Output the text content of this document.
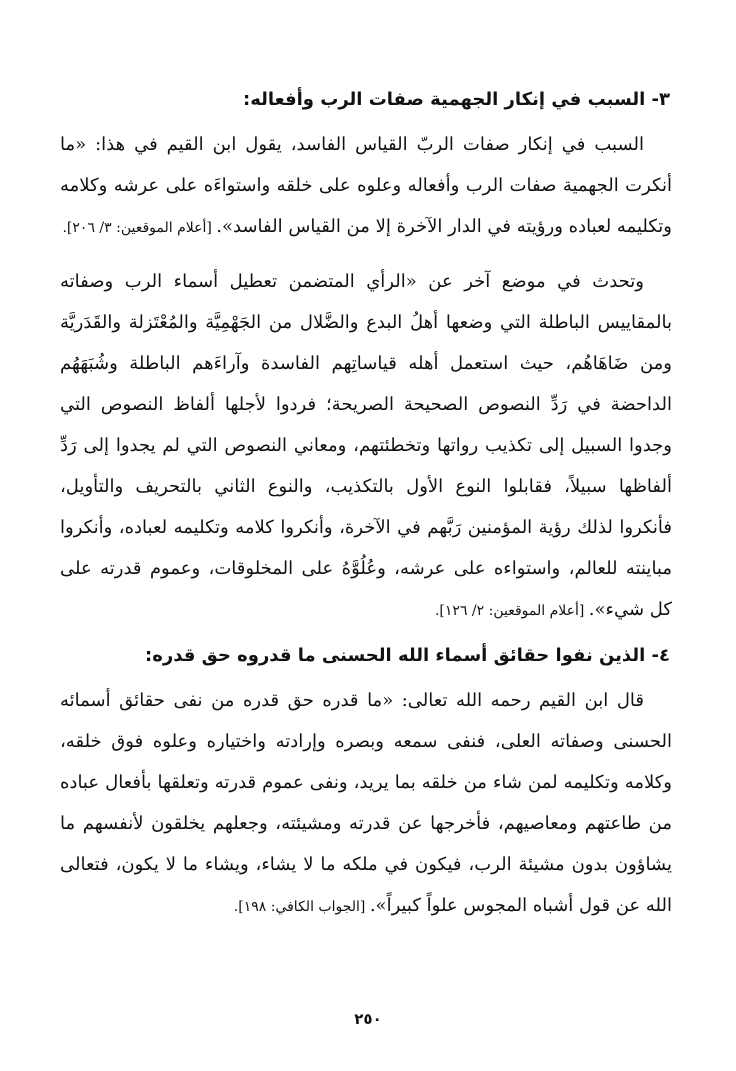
٣- السبب في إنكار الجهمية صفات الرب وأفعاله:

السبب في إنكار صفات الربّ القياس الفاسد، يقول ابن القيم في هذا: «ما أنكرت الجهمية صفات الرب وأفعاله وعلوه على خلقه واستواءَه على عرشه وكلامه وتكليمه لعباده ورؤيته في الدار الآخرة إلا من القياس الفاسد». [أعلام الموقعين: ٣/ ٢٠٦].

وتحدث في موضع آخر عن «الرأي المتضمن تعطيل أسماء الرب وصفاته بالمقاييس الباطلة التي وضعها أهلُ البدع والضَّلال من الجَهْمِيَّة والمُعْتَزلة والقَدَريَّة ومن ضَاهَاهُم، حيث استعمل أهله قياساتِهم الفاسدة وآراءَهم الباطلة وشُبَهَهُم الداحضة في رَدِّ النصوص الصحيحة الصريحة؛ فردوا لأجلها ألفاظ النصوص التي وجدوا السبيل إلى تكذيب رواتها وتخطئتهم، ومعاني النصوص التي لم يجدوا إلى رَدِّ ألفاظها سبيلاً، فقابلوا النوع الأول بالتكذيب، والنوع الثاني بالتحريف والتأويل، فأنكروا لذلك رؤية المؤمنين رَبَّهم في الآخرة، وأنكروا كلامه وتكليمه لعباده، وأنكروا مباينته للعالم، واستواءه على عرشه، وعُلُوَّهُ على المخلوقات، وعموم قدرته على كل شيء». [أعلام الموقعين: ٢/ ١٢٦].

٤- الذين نفوا حقائق أسماء الله الحسنى ما قدروه حق قدره:

قال ابن القيم رحمه الله تعالى: «ما قدره حق قدره من نفى حقائق أسمائه الحسنى وصفاته العلى، فنفى سمعه وبصره وإرادته واختياره وعلوه فوق خلقه، وكلامه وتكليمه لمن شاء من خلقه بما يريد، ونفى عموم قدرته وتعلقها بأفعال عباده من طاعتهم ومعاصيهم، فأخرجها عن قدرته ومشيئته، وجعلهم يخلقون لأنفسهم ما يشاؤون بدون مشيئة الرب، فيكون في ملكه ما لا يشاء، ويشاء ما لا يكون، فتعالى الله عن قول أشباه المجوس علواً كبيراً». [الجواب الكافي: ١٩٨].

٢٥٠
